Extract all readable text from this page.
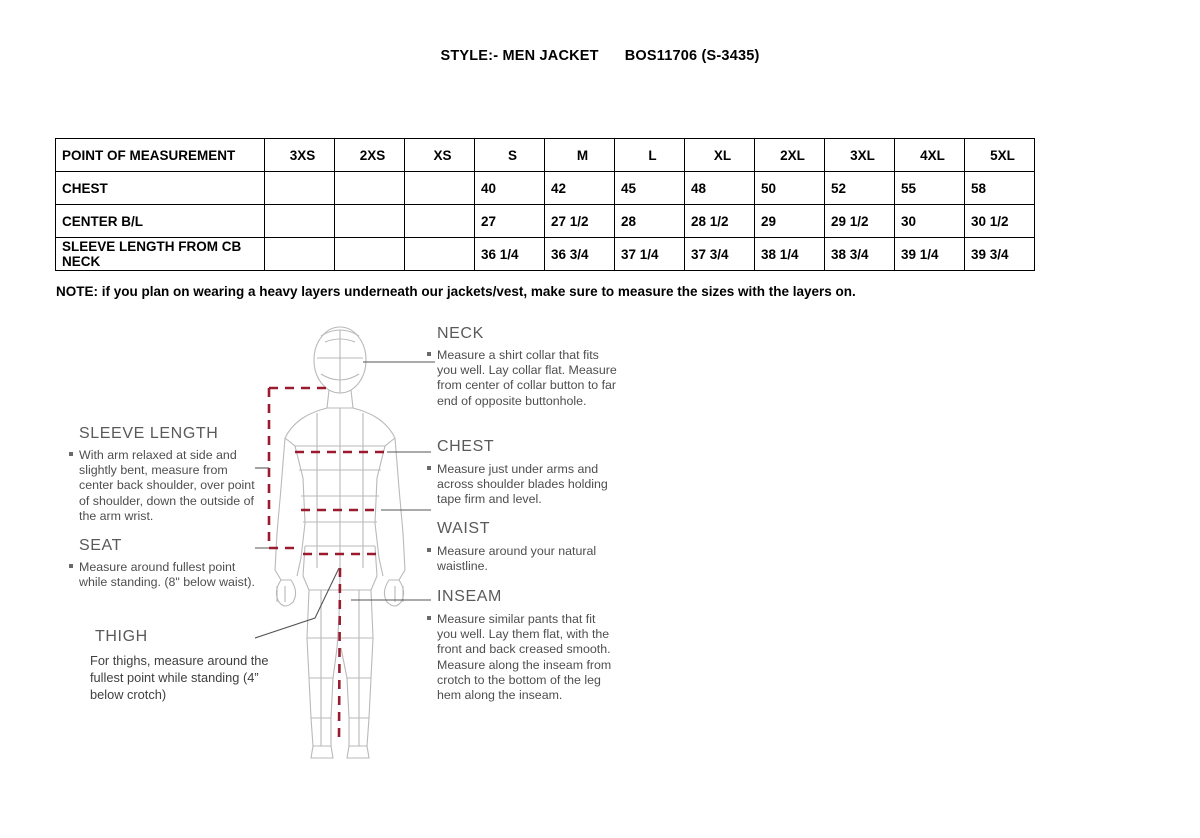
STYLE:- MEN JACKET BOS11706 (S-3435)
POINT OF MEASUREMENT	3XS	2XS	XS	S	M	L	XL	2XL	3XL	4XL	5XL
CHEST				40	42	45	48	50	52	55	58
CENTER B/L				27	27 1/2	28	28 1/2	29	29 1/2	30	30 1/2
SLEEVE LENGTH FROM CB NECK				36 1/4	36 3/4	37 1/4	37 3/4	38 1/4	38 3/4	39 1/4	39 3/4
NOTE: if you plan on wearing a heavy layers underneath our jackets/vest, make sure to measure the sizes with the layers on.
NECK
Measure a shirt collar that fits you well. Lay collar flat. Measure from center of collar button to far end of opposite buttonhole.
CHEST
Measure just under arms and across shoulder blades holding tape firm and level.
WAIST
Measure around your natural waistline.
INSEAM
Measure similar pants that fit you well. Lay them flat, with the front and back creased smooth. Measure along the inseam from crotch to the bottom of the leg hem along the inseam.
SLEEVE LENGTH
With arm relaxed at side and slightly bent, measure from center back shoulder, over point of shoulder, down the outside of the arm wrist.
SEAT
Measure around fullest point while standing. (8" below waist).
THIGH
For thighs, measure around the fullest point while standing (4” below crotch)
